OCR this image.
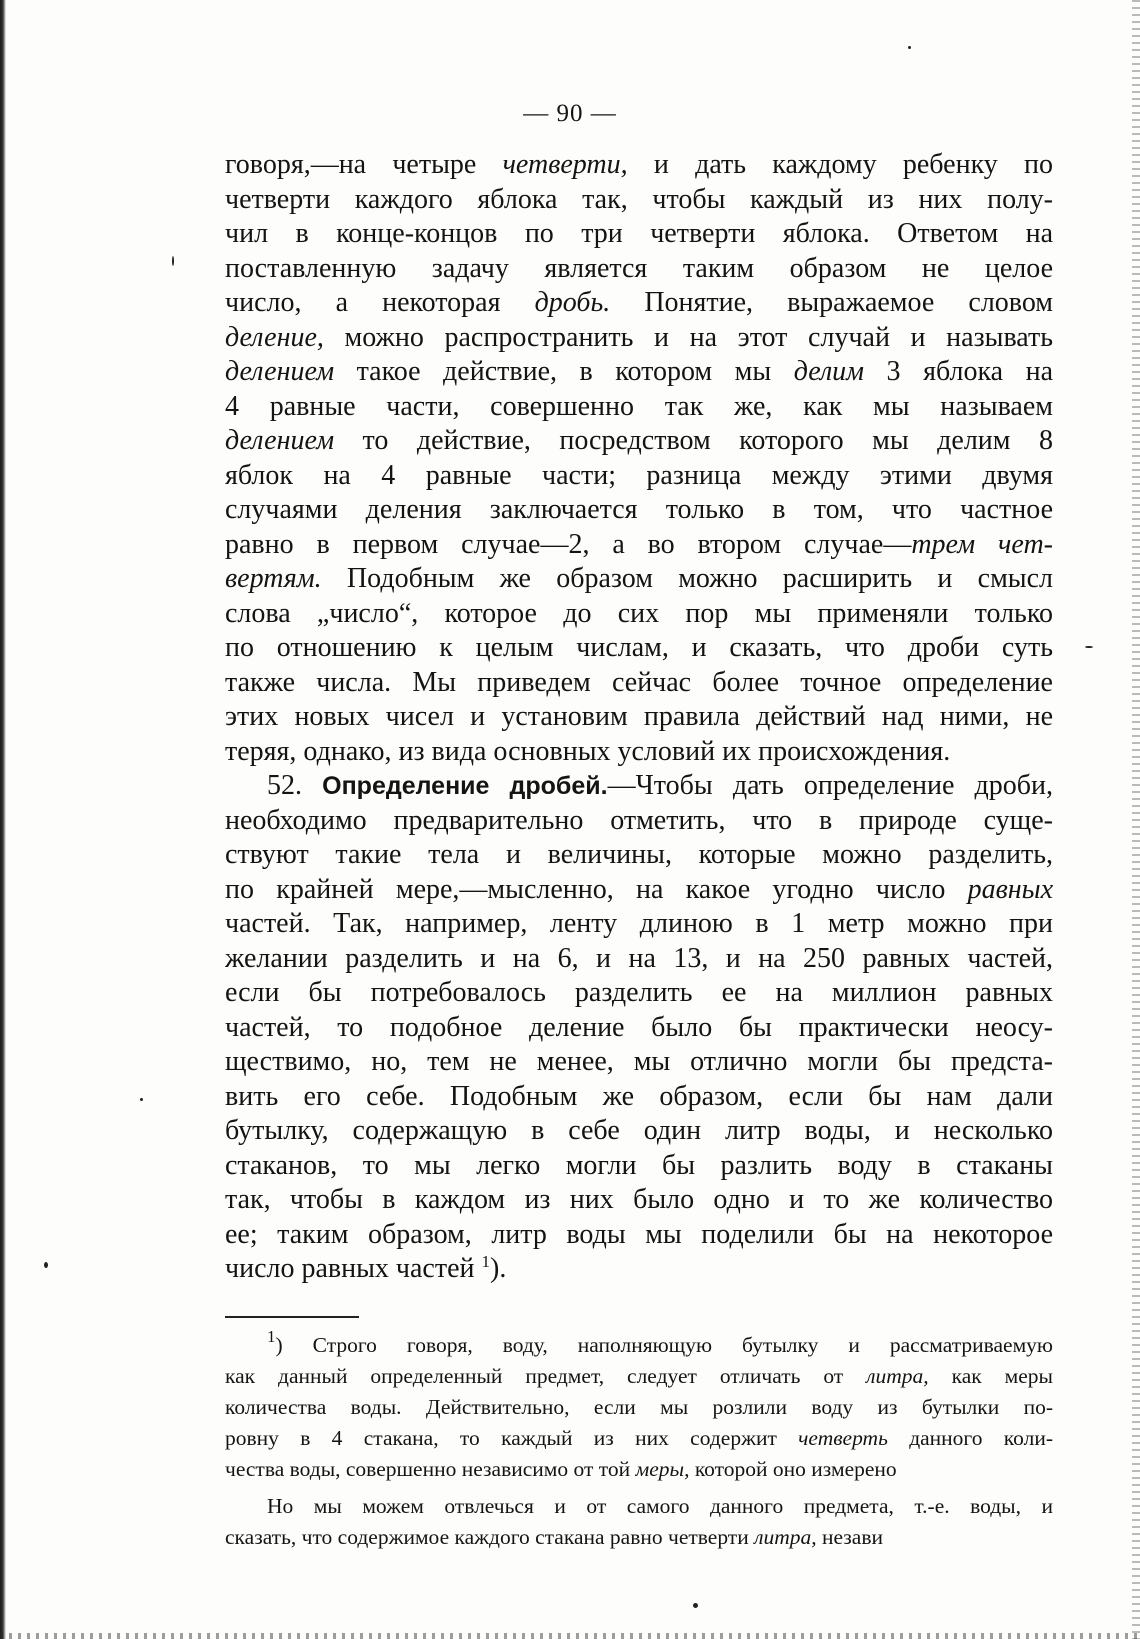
— 90 —
говоря,—на четыре четверти, и дать каждому ребенку по
четверти каждого яблока так, чтобы каждый из них полу-
чил в конце-концов по три четверти яблока. Ответом на
поставленную задачу является таким образом не целое
число, а некоторая дробь. Понятие, выражаемое словом
деление, можно распространить и на этот случай и называть
делением такое действие, в котором мы делим 3 яблока на
4 равные части, совершенно так же, как мы называем
делением то действие, посредством которого мы делим 8
яблок на 4 равные части; разница между этими двумя
случаями деления заключается только в том, что частное
равно в первом случае—2, а во втором случае—трем чет-
вертям. Подобным же образом можно расширить и смысл
слова „число“, которое до сих пор мы применяли только
по отношению к целым числам, и сказать, что дроби суть
также числа. Мы приведем сейчас более точное определение
этих новых чисел и установим правила действий над ними, не
теряя, однако, из вида основных условий их происхождения.
52. Определение дробей.—Чтобы дать определение дроби,
необходимо предварительно отметить, что в природе суще-
ствуют такие тела и величины, которые можно разделить,
по крайней мере,—мысленно, на какое угодно число равных
частей. Так, например, ленту длиною в 1 метр можно при
желании разделить и на 6, и на 13, и на 250 равных частей,
если бы потребовалось разделить ее на миллион равных
частей, то подобное деление было бы практически неосу-
ществимо, но, тем не менее, мы отлично могли бы предста-
вить его себе. Подобным же образом, если бы нам дали
бутылку, содержащую в себе один литр воды, и несколько
стаканов, то мы легко могли бы разлить воду в стаканы
так, чтобы в каждом из них было одно и то же количество
ее; таким образом, литр воды мы поделили бы на некоторое
число равных частей $^1$).
$^1$) Строго говоря, воду, наполняющую бутылку и рассматриваемую
как данный определенный предмет, следует отличать от литра, как меры
количества воды. Действительно, если мы розлили воду из бутылки по-
ровну в 4 стакана, то каждый из них содержит четверть данного коли-
чества воды, совершенно независимо от той меры, которой оно измерено
Но мы можем отвлечься и от самого данного предмета, т.-е. воды, и
сказать, что содержимое каждого стакана равно четверти литра, незави
